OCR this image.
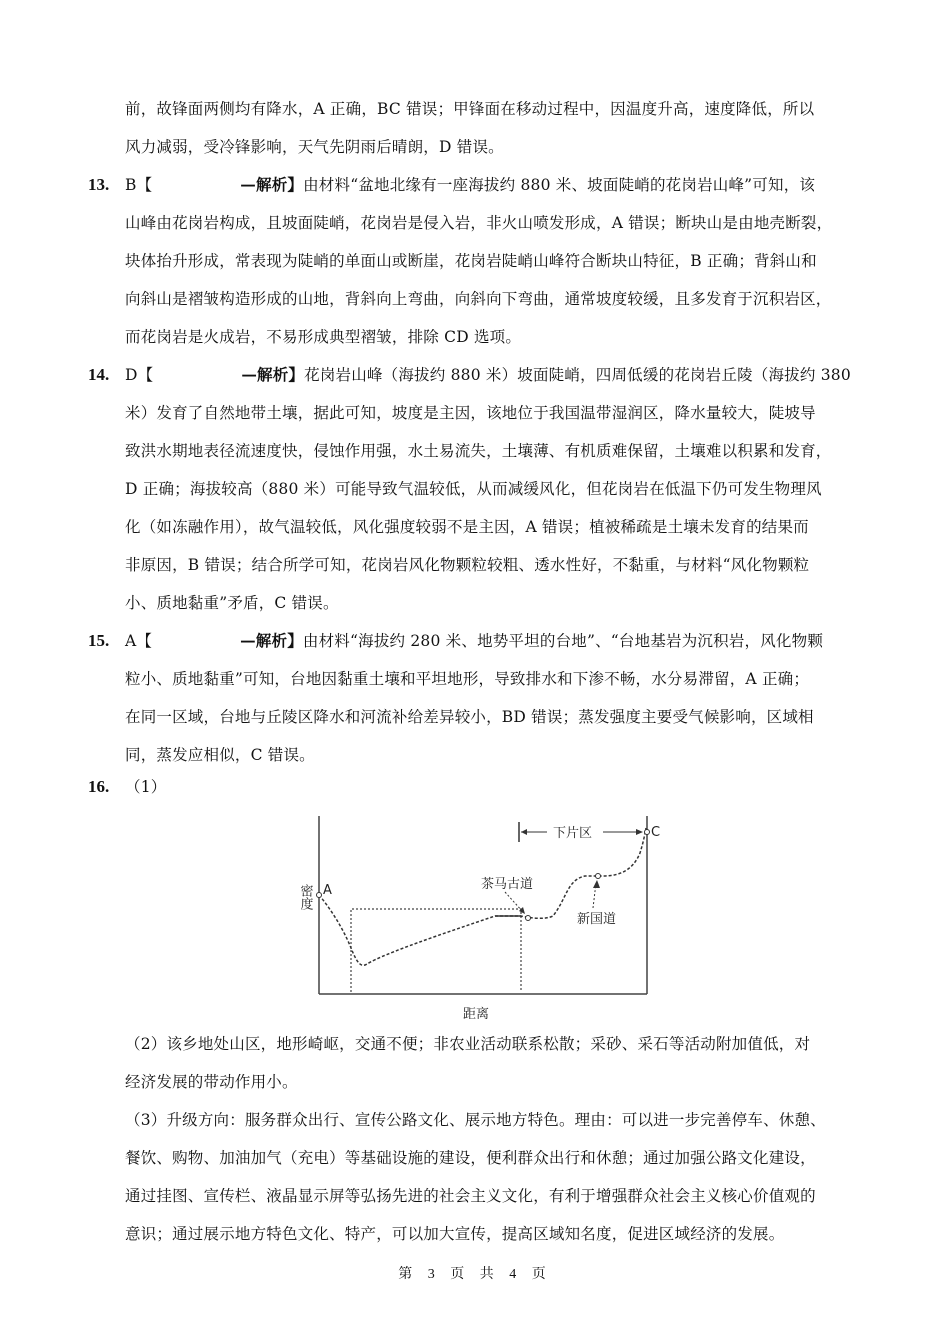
前，故锋面两侧均有降水，A 正确，BC 错误；甲锋面在移动过程中，因温度升高，速度降低，所以
风力减弱，受冷锋影响，天气先阴雨后晴朗，D 错误。
13. B【	—解析】由材料“盆地北缘有一座海拔约 880 米、坡面陡峭的花岗岩山峰”可知，该
山峰由花岗岩构成，且坡面陡峭，花岗岩是侵入岩，非火山喷发形成，A 错误；断块山是由地壳断裂，
块体抬升形成，常表现为陡峭的单面山或断崖，花岗岩陡峭山峰符合断块山特征，B 正确；背斜山和
向斜山是褶皱构造形成的山地，背斜向上弯曲，向斜向下弯曲，通常坡度较缓，且多发育于沉积岩区，
而花岗岩是火成岩，不易形成典型褶皱，排除 CD 选项。
14. D【	—解析】花岗岩山峰（海拔约 880 米）坡面陡峭，四周低缓的花岗岩丘陵（海拔约 380
米）发育了自然地带土壤，据此可知，坡度是主因，该地位于我国温带湿润区，降水量较大，陡坡导
致洪水期地表径流速度快，侵蚀作用强，水土易流失，土壤薄、有机质难保留，土壤难以积累和发育，
D 正确；海拔较高（880 米）可能导致气温较低，从而减缓风化，但花岗岩在低温下仍可发生物理风
化（如冻融作用），故气温较低，风化强度较弱不是主因，A 错误；植被稀疏是土壤未发育的结果而
非原因，B 错误；结合所学可知，花岗岩风化物颗粒较粗、透水性好，不黏重，与材料“风化物颗粒
小、质地黏重”矛盾，C 错误。
15. A【	—解析】由材料“海拔约 280 米、地势平坦的台地”、“台地基岩为沉积岩，风化物颗
粒小、质地黏重”可知，台地因黏重土壤和平坦地形，导致排水和下渗不畅，水分易滞留，A 正确；
在同一区域，台地与丘陵区降水和河流补给差异较小，BD 错误；蒸发强度主要受气候影响，区域相
同，蒸发应相似，C 错误。
16. （1）
A
C
下片区
茶马古道
新国道
密度
距离
（2）该乡地处山区，地形崎岖，交通不便；非农业活动联系松散；采砂、采石等活动附加值低，对
经济发展的带动作用小。
（3）升级方向：服务群众出行、宣传公路文化、展示地方特色。理由：可以进一步完善停车、休憩、
餐饮、购物、加油加气（充电）等基础设施的建设，便利群众出行和休憩；通过加强公路文化建设，
通过挂图、宣传栏、液晶显示屏等弘扬先进的社会主义文化，有利于增强群众社会主义核心价值观的
意识；通过展示地方特色文化、特产，可以加大宣传，提高区域知名度，促进区域经济的发展。
第 3 页 共 4 页
